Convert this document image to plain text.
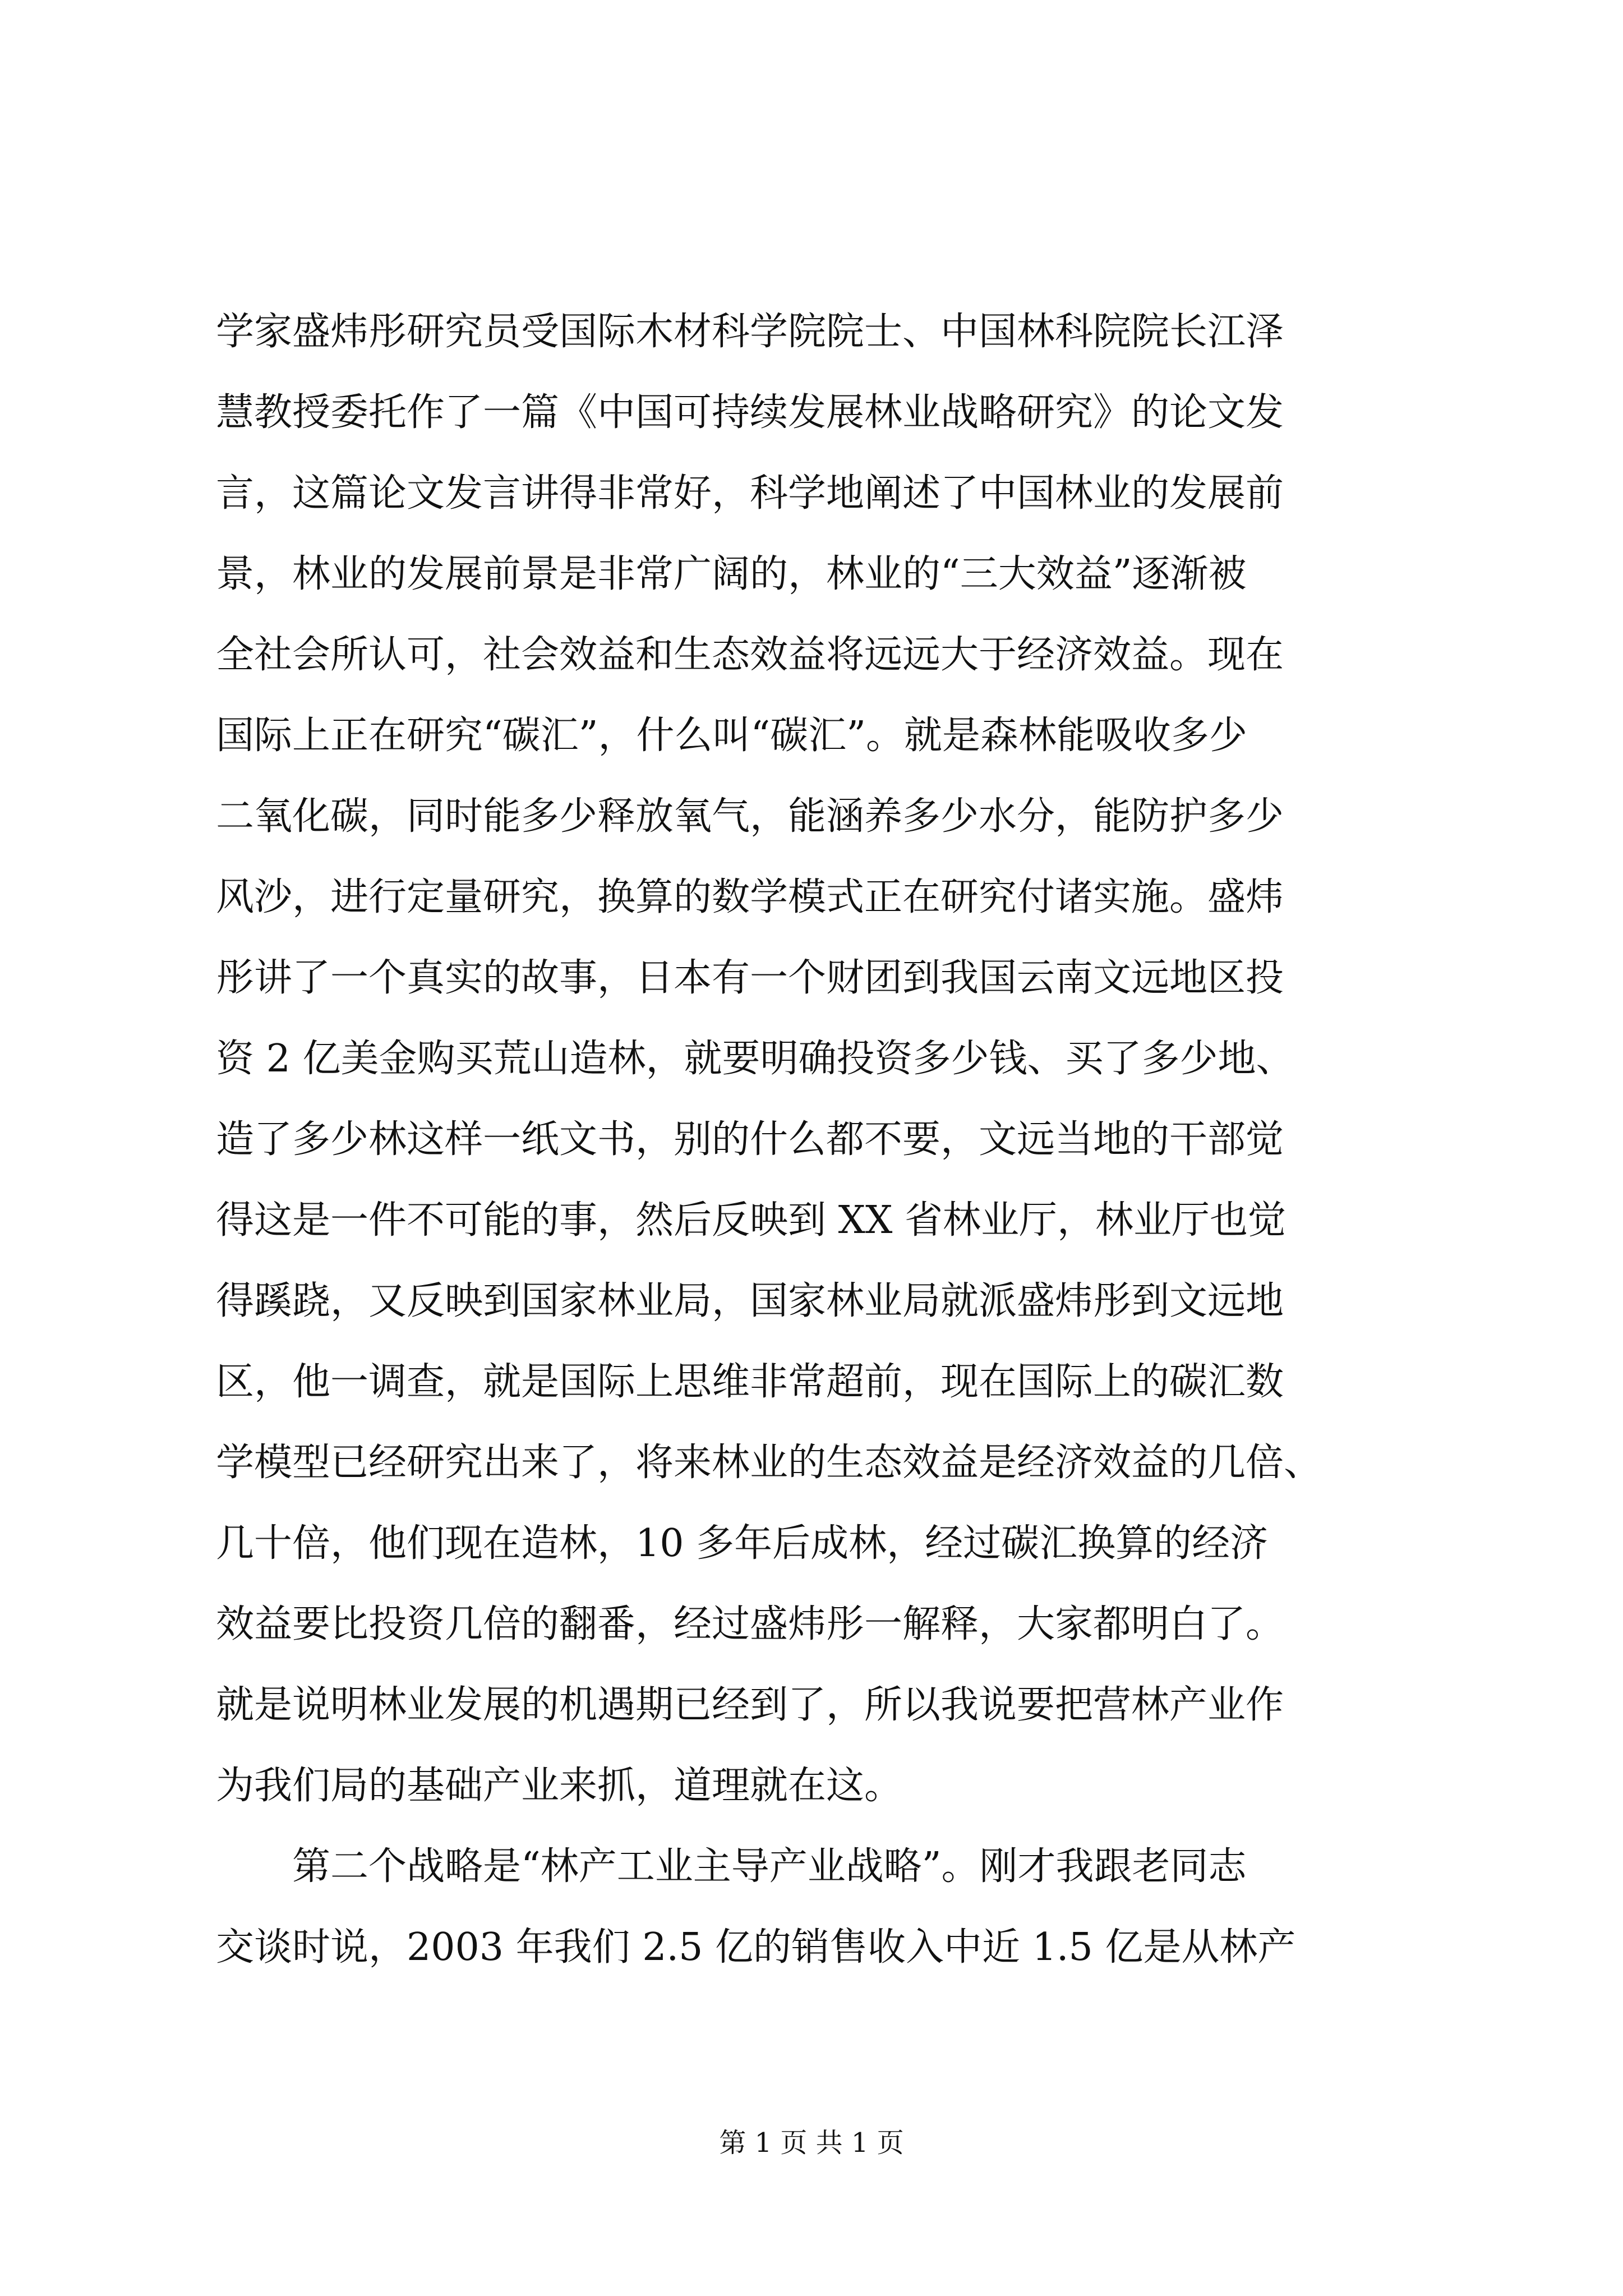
学家盛炜彤研究员受国际木材科学院院士、中国林科院院长江泽
慧教授委托作了一篇《中国可持续发展林业战略研究》的论文发
言，这篇论文发言讲得非常好，科学地阐述了中国林业的发展前
景，林业的发展前景是非常广阔的，林业的“三大效益”逐渐被
全社会所认可，社会效益和生态效益将远远大于经济效益。现在
国际上正在研究“碳汇”，什么叫“碳汇”。就是森林能吸收多少
二氧化碳，同时能多少释放氧气，能涵养多少水分，能防护多少
风沙，进行定量研究，换算的数学模式正在研究付诸实施。盛炜
彤讲了一个真实的故事，日本有一个财团到我国云南文远地区投
资 2 亿美金购买荒山造林，就要明确投资多少钱、买了多少地、
造了多少林这样一纸文书，别的什么都不要，文远当地的干部觉
得这是一件不可能的事，然后反映到 XX 省林业厅，林业厅也觉
得蹊跷，又反映到国家林业局，国家林业局就派盛炜彤到文远地
区，他一调查，就是国际上思维非常超前，现在国际上的碳汇数
学模型已经研究出来了，将来林业的生态效益是经济效益的几倍、
几十倍，他们现在造林，10 多年后成林，经过碳汇换算的经济
效益要比投资几倍的翻番，经过盛炜彤一解释，大家都明白了。
就是说明林业发展的机遇期已经到了，所以我说要把营林产业作
为我们局的基础产业来抓，道理就在这。
第二个战略是“林产工业主导产业战略”。刚才我跟老同志
交谈时说，2003 年我们 2.5 亿的销售收入中近 1.5 亿是从林产
第 1 页 共 1 页
